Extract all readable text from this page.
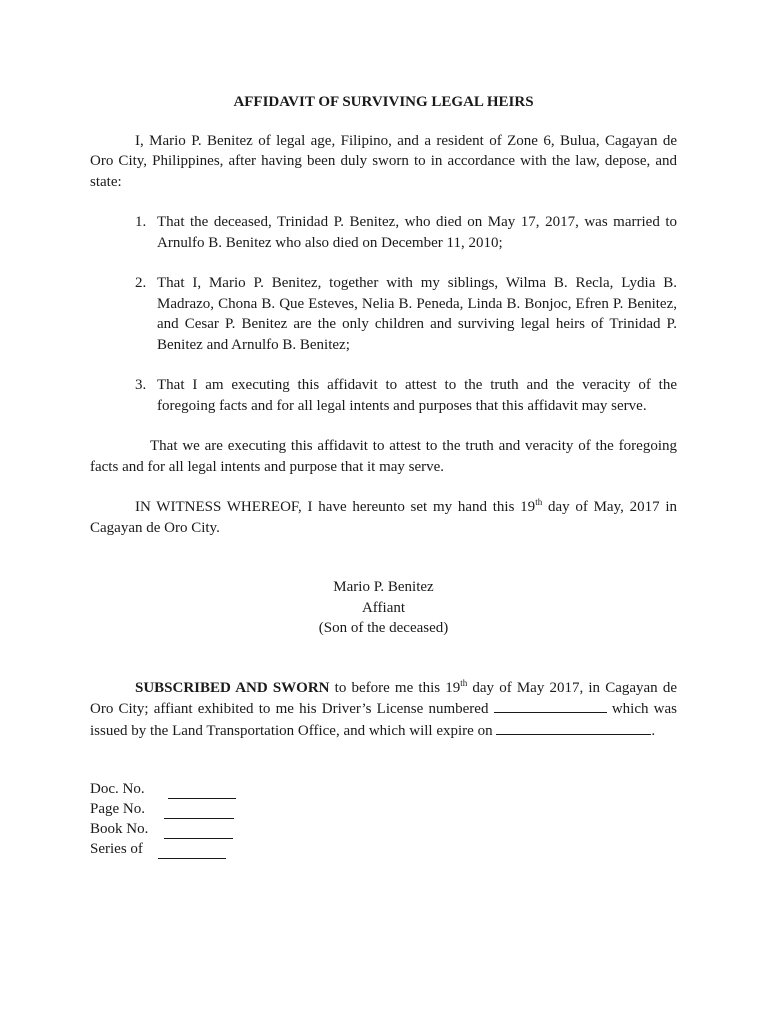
AFFIDAVIT OF SURVIVING LEGAL HEIRS

I, Mario P. Benitez of legal age, Filipino, and a resident of Zone 6, Bulua, Cagayan de Oro City, Philippines, after having been duly sworn to in accordance with the law, depose, and state:

1. That the deceased, Trinidad P. Benitez, who died on May 17, 2017, was married to Arnulfo B. Benitez who also died on December 11, 2010;

2. That I, Mario P. Benitez, together with my siblings, Wilma B. Recla, Lydia B. Madrazo, Chona B. Que Esteves, Nelia B. Peneda, Linda B. Bonjoc, Efren P. Benitez, and Cesar P. Benitez are the only children and surviving legal heirs of Trinidad P. Benitez and Arnulfo B. Benitez;

3. That I am executing this affidavit to attest to the truth and the veracity of the foregoing facts and for all legal intents and purposes that this affidavit may serve.

That we are executing this affidavit to attest to the truth and veracity of the foregoing facts and for all legal intents and purpose that it may serve.

IN WITNESS WHEREOF, I have hereunto set my hand this 19th day of May, 2017 in Cagayan de Oro City.

Mario P. Benitez

Affiant

(Son of the deceased)

SUBSCRIBED AND SWORN to before me this 19th day of May 2017, in Cagayan de Oro City; affiant exhibited to me his Driver’s License numbered	which was issued by the Land Transportation Office, and which will expire on	.

Doc. No.
Page No.
Book No.
Series of
